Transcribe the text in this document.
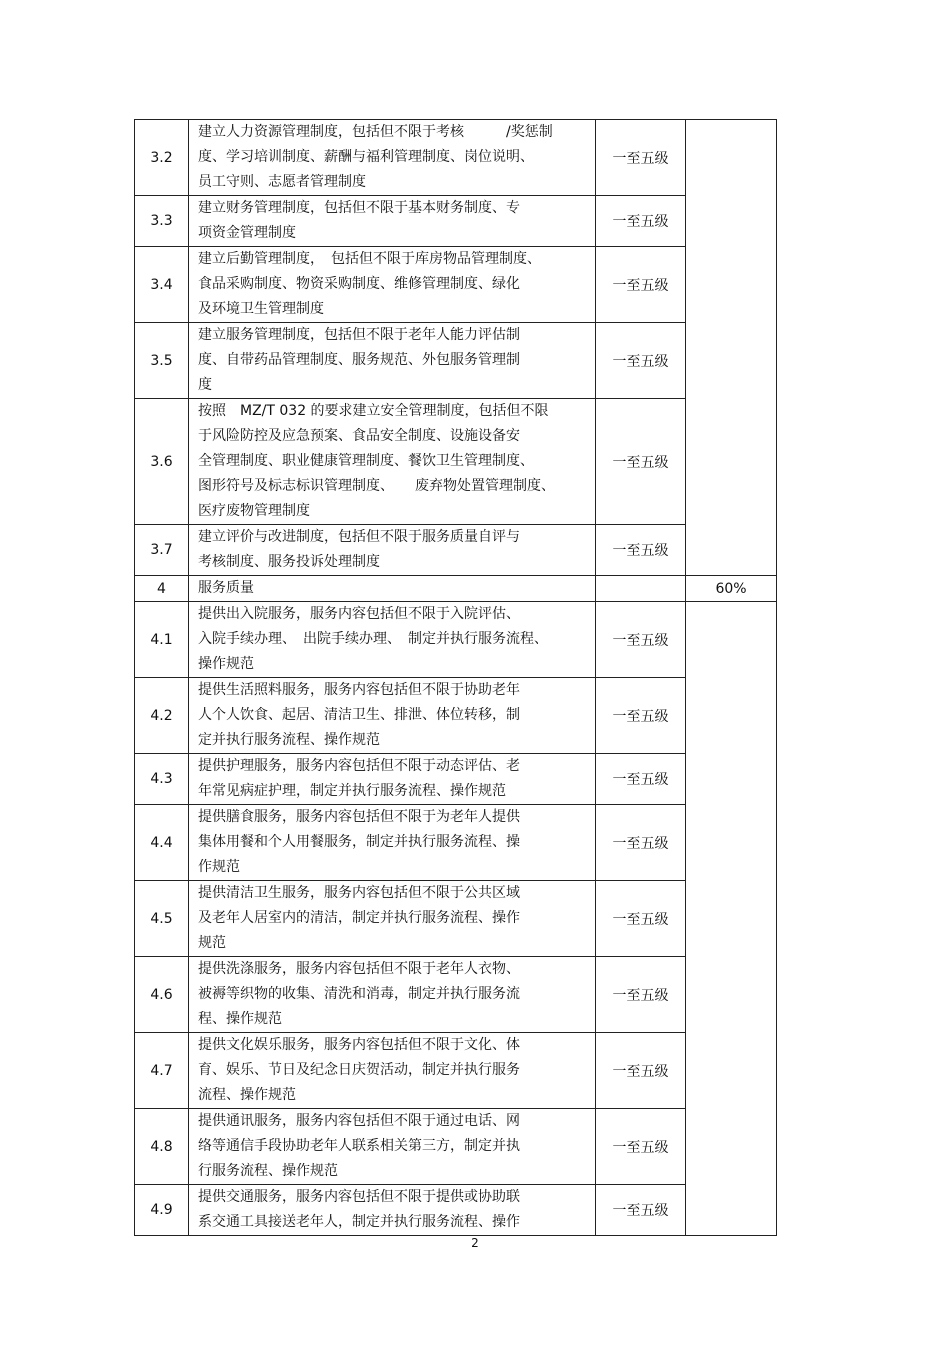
3.2	建立人力资源管理制度，包括但不限于考核　　　/奖惩制
度、学习培训制度、薪酬与福利管理制度、岗位说明、
员工守则、志愿者管理制度	一至五级	
3.3	建立财务管理制度，包括但不限于基本财务制度、专
项资金管理制度	一至五级	
3.4	建立后勤管理制度，　包括但不限于库房物品管理制度、
食品采购制度、物资采购制度、维修管理制度、绿化
及环境卫生管理制度	一至五级	
3.5	建立服务管理制度，包括但不限于老年人能力评估制
度、自带药品管理制度、服务规范、外包服务管理制
度	一至五级	
3.6	按照　MZ/T 032 的要求建立安全管理制度，包括但不限
于风险防控及应急预案、食品安全制度、设施设备安
全管理制度、职业健康管理制度、餐饮卫生管理制度、
图形符号及标志标识管理制度、　　废弃物处置管理制度、
医疗废物管理制度	一至五级	
3.7	建立评价与改进制度，包括但不限于服务质量自评与
考核制度、服务投诉处理制度	一至五级	
4	服务质量		60%
4.1	提供出入院服务，服务内容包括但不限于入院评估、
入院手续办理、　出院手续办理、　制定并执行服务流程、
操作规范	一至五级	
4.2	提供生活照料服务，服务内容包括但不限于协助老年
人个人饮食、起居、清洁卫生、排泄、体位转移，制
定并执行服务流程、操作规范	一至五级	
4.3	提供护理服务，服务内容包括但不限于动态评估、老
年常见病症护理，制定并执行服务流程、操作规范	一至五级	
4.4	提供膳食服务，服务内容包括但不限于为老年人提供
集体用餐和个人用餐服务，制定并执行服务流程、操
作规范	一至五级	
4.5	提供清洁卫生服务，服务内容包括但不限于公共区域
及老年人居室内的清洁，制定并执行服务流程、操作
规范	一至五级	
4.6	提供洗涤服务，服务内容包括但不限于老年人衣物、
被褥等织物的收集、清洗和消毒，制定并执行服务流
程、操作规范	一至五级	
4.7	提供文化娱乐服务，服务内容包括但不限于文化、体
育、娱乐、节日及纪念日庆贺活动，制定并执行服务
流程、操作规范	一至五级	
4.8	提供通讯服务，服务内容包括但不限于通过电话、网
络等通信手段协助老年人联系相关第三方，制定并执
行服务流程、操作规范	一至五级	
4.9	提供交通服务，服务内容包括但不限于提供或协助联
系交通工具接送老年人，制定并执行服务流程、操作	一至五级	
2
